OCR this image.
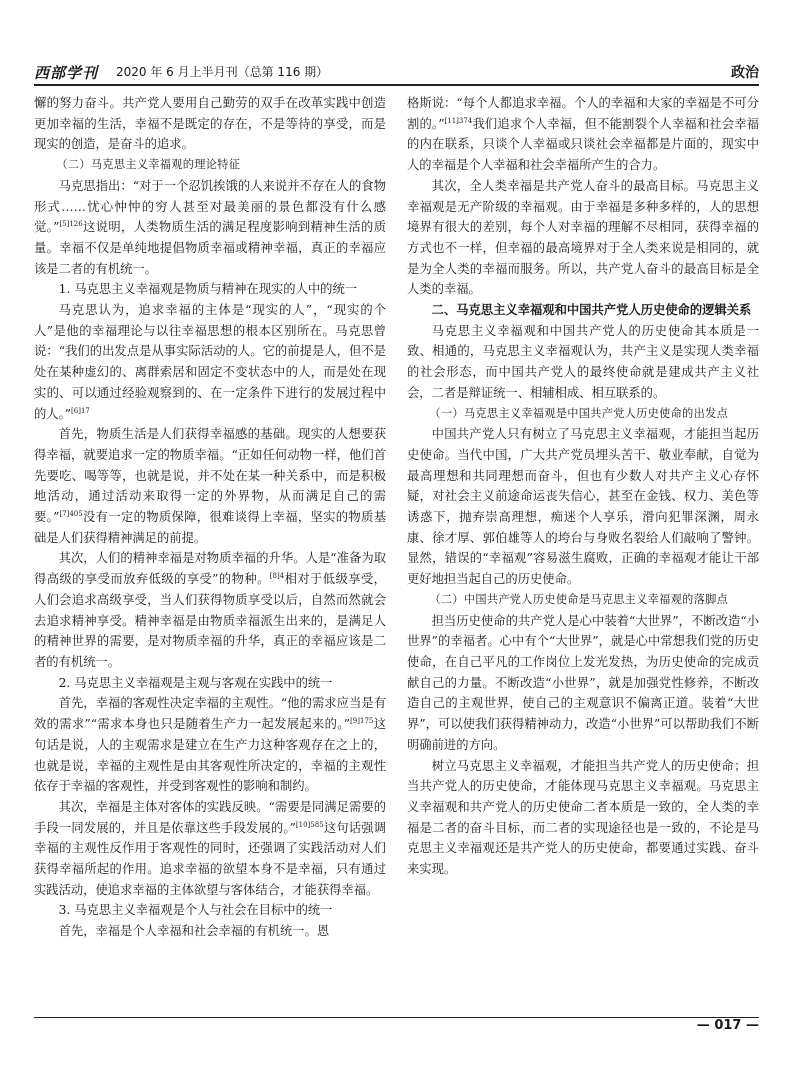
西部学刊 2020 年 6 月上半月刊（总第 116 期）	政治

懈的努力奋斗。共产党人要用自己勤劳的双手在改革实践中创造更加幸福的生活，幸福不是既定的存在，不是等待的享受，而是现实的创造，是奋斗的追求。

（二）马克思主义幸福观的理论特征

马克思指出：“对于一个忍饥挨饿的人来说并不存在人的食物形式……忧心忡忡的穷人甚至对最美丽的景色都没有什么感觉。”$^{[5]126}$这说明，人类物质生活的满足程度影响到精神生活的质量。幸福不仅是单纯地提倡物质幸福或精神幸福，真正的幸福应该是二者的有机统一。

1. 马克思主义幸福观是物质与精神在现实的人中的统一

马克思认为，追求幸福的主体是“现实的人”，“现实的个人”是他的幸福理论与以往幸福思想的根本区别所在。马克思曾说：“我们的出发点是从事实际活动的人。它的前提是人，但不是处在某种虚幻的、离群索居和固定不变状态中的人，而是处在现实的、可以通过经验观察到的、在一定条件下进行的发展过程中的人。”$^{[6]17}$

首先，物质生活是人们获得幸福感的基础。现实的人想要获得幸福，就要追求一定的物质幸福。“正如任何动物一样，他们首先要吃、喝等等，也就是说，并不处在某一种关系中，而是积极地活动，通过活动来取得一定的外界物，从而满足自己的需要。”$^{[7]405}$没有一定的物质保障，很难谈得上幸福，坚实的物质基础是人们获得精神满足的前提。

其次，人们的精神幸福是对物质幸福的升华。人是“准备为取得高级的享受而放弃低级的享受”的物种。$^{[8]4}$相对于低级享受，人们会追求高级享受，当人们获得物质享受以后，自然而然就会去追求精神享受。精神幸福是由物质幸福派生出来的，是满足人的精神世界的需要，是对物质幸福的升华，真正的幸福应该是二者的有机统一。

2. 马克思主义幸福观是主观与客观在实践中的统一

首先，幸福的客观性决定幸福的主观性。“他的需求应当是有效的需求”“需求本身也只是随着生产力一起发展起来的。”$^{[9]175}$这句话是说，人的主观需求是建立在生产力这种客观存在之上的，也就是说，幸福的主观性是由其客观性所决定的，幸福的主观性依存于幸福的客观性，并受到客观性的影响和制约。

其次，幸福是主体对客体的实践反映。“需要是同满足需要的手段一同发展的，并且是依靠这些手段发展的。”$^{[10]585}$这句话强调幸福的主观性反作用于客观性的同时，还强调了实践活动对人们获得幸福所起的作用。追求幸福的欲望本身不是幸福，只有通过实践活动，使追求幸福的主体欲望与客体结合，才能获得幸福。

3. 马克思主义幸福观是个人与社会在目标中的统一

首先，幸福是个人幸福和社会幸福的有机统一。恩

格斯说：“每个人都追求幸福。个人的幸福和大家的幸福是不可分割的。”$^{[11]374}$我们追求个人幸福，但不能割裂个人幸福和社会幸福的内在联系，只谈个人幸福或只谈社会幸福都是片面的，现实中人的幸福是个人幸福和社会幸福所产生的合力。

其次，全人类幸福是共产党人奋斗的最高目标。马克思主义幸福观是无产阶级的幸福观。由于幸福是多种多样的，人的思想境界有很大的差别，每个人对幸福的理解不尽相同，获得幸福的方式也不一样，但幸福的最高境界对于全人类来说是相同的，就是为全人类的幸福而服务。所以，共产党人奋斗的最高目标是全人类的幸福。

二、马克思主义幸福观和中国共产党人历史使命的逻辑关系

马克思主义幸福观和中国共产党人的历史使命其本质是一致、相通的，马克思主义幸福观认为，共产主义是实现人类幸福的社会形态，而中国共产党人的最终使命就是建成共产主义社会，二者是辩证统一、相辅相成、相互联系的。

（一）马克思主义幸福观是中国共产党人历史使命的出发点

中国共产党人只有树立了马克思主义幸福观，才能担当起历史使命。当代中国，广大共产党员埋头苦干、敬业奉献，自觉为最高理想和共同理想而奋斗，但也有少数人对共产主义心存怀疑，对社会主义前途命运丧失信心，甚至在金钱、权力、美色等诱惑下，抛弃崇高理想，痴迷个人享乐，滑向犯罪深渊，周永康、徐才厚、郭伯雄等人的垮台与身败名裂给人们敲响了警钟。显然，错误的“幸福观”容易滋生腐败，正确的幸福观才能让干部更好地担当起自己的历史使命。

（二）中国共产党人历史使命是马克思主义幸福观的落脚点

担当历史使命的共产党人是心中装着“大世界”，不断改造“小世界”的幸福者。心中有个“大世界”，就是心中常想我们党的历史使命，在自己平凡的工作岗位上发光发热，为历史使命的完成贡献自己的力量。不断改造“小世界”，就是加强党性修养，不断改造自己的主观世界，使自己的主观意识不偏离正道。装着“大世界”，可以使我们获得精神动力，改造“小世界”可以帮助我们不断明确前进的方向。

树立马克思主义幸福观，才能担当共产党人的历史使命；担当共产党人的历史使命，才能体现马克思主义幸福观。马克思主义幸福观和共产党人的历史使命二者本质是一致的，全人类的幸福是二者的奋斗目标，而二者的实现途径也是一致的，不论是马克思主义幸福观还是共产党人的历史使命，都要通过实践、奋斗来实现。

— 017 —
